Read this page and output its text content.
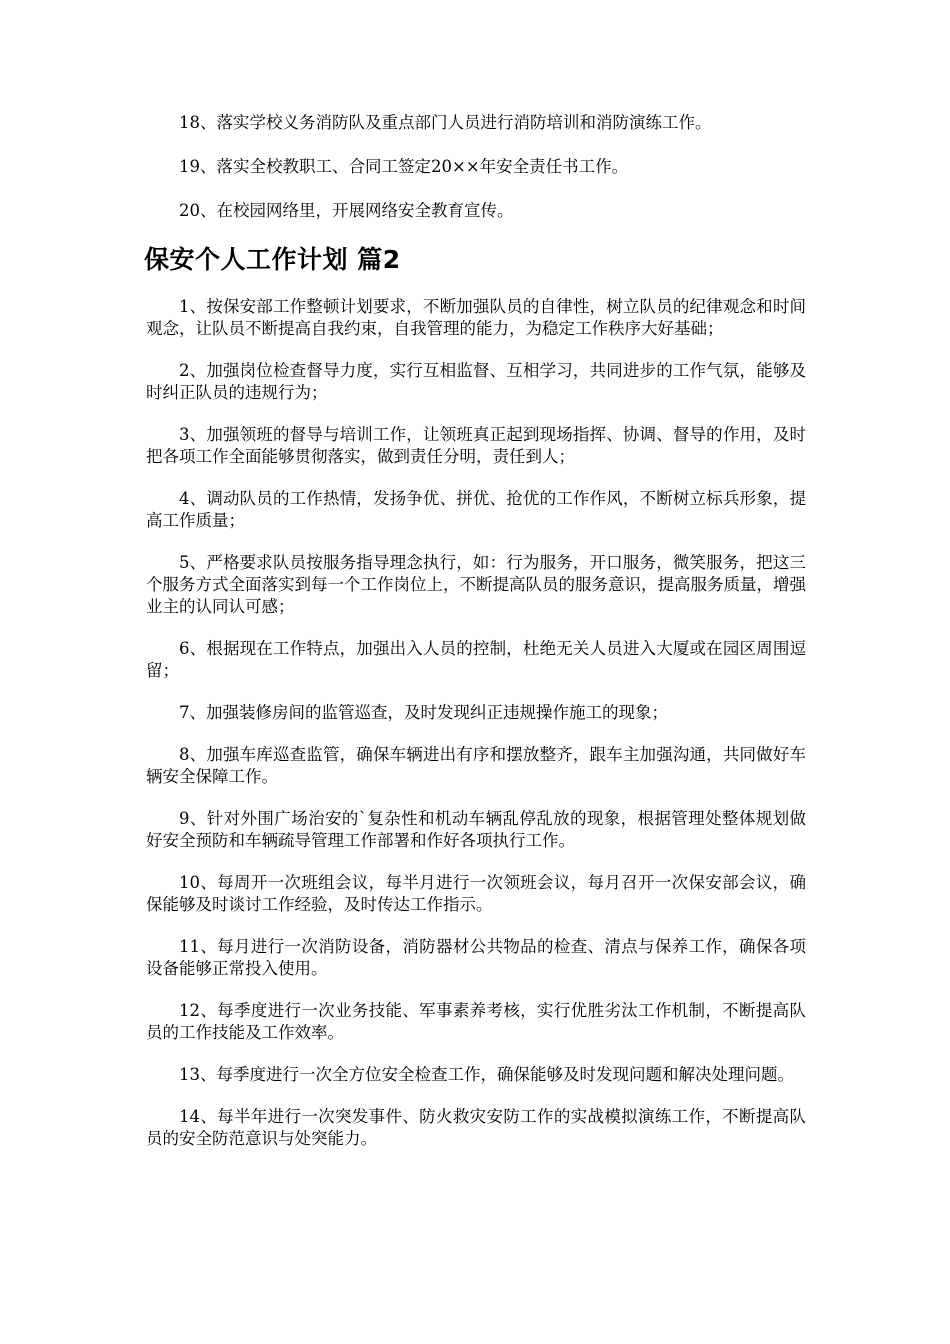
18、落实学校义务消防队及重点部门人员进行消防培训和消防演练工作。

19、落实全校教职工、合同工签定20××年安全责任书工作。

20、在校园网络里，开展网络安全教育宣传。

保安个人工作计划 篇2

1、按保安部工作整顿计划要求，不断加强队员的自律性，树立队员的纪律观念和时间观念，让队员不断提高自我约束，自我管理的能力，为稳定工作秩序大好基础；

2、加强岗位检查督导力度，实行互相监督、互相学习，共同进步的工作气氛，能够及时纠正队员的违规行为；

3、加强领班的督导与培训工作，让领班真正起到现场指挥、协调、督导的作用，及时把各项工作全面能够贯彻落实，做到责任分明，责任到人；

4、调动队员的工作热情，发扬争优、拼优、抢优的工作作风，不断树立标兵形象，提高工作质量；

5、严格要求队员按服务指导理念执行，如：行为服务，开口服务，微笑服务，把这三个服务方式全面落实到每一个工作岗位上，不断提高队员的服务意识，提高服务质量，增强业主的认同认可感；

6、根据现在工作特点，加强出入人员的控制，杜绝无关人员进入大厦或在园区周围逗留；

7、加强装修房间的监管巡查，及时发现纠正违规操作施工的现象；

8、加强车库巡查监管，确保车辆进出有序和摆放整齐，跟车主加强沟通，共同做好车辆安全保障工作。

9、针对外围广场治安的`复杂性和机动车辆乱停乱放的现象，根据管理处整体规划做好安全预防和车辆疏导管理工作部署和作好各项执行工作。

10、每周开一次班组会议，每半月进行一次领班会议，每月召开一次保安部会议，确保能够及时谈讨工作经验，及时传达工作指示。

11、每月进行一次消防设备，消防器材公共物品的检查、清点与保养工作，确保各项设备能够正常投入使用。

12、每季度进行一次业务技能、军事素养考核，实行优胜劣汰工作机制，不断提高队员的工作技能及工作效率。

13、每季度进行一次全方位安全检查工作，确保能够及时发现问题和解决处理问题。

14、每半年进行一次突发事件、防火救灾安防工作的实战模拟演练工作，不断提高队员的安全防范意识与处突能力。
